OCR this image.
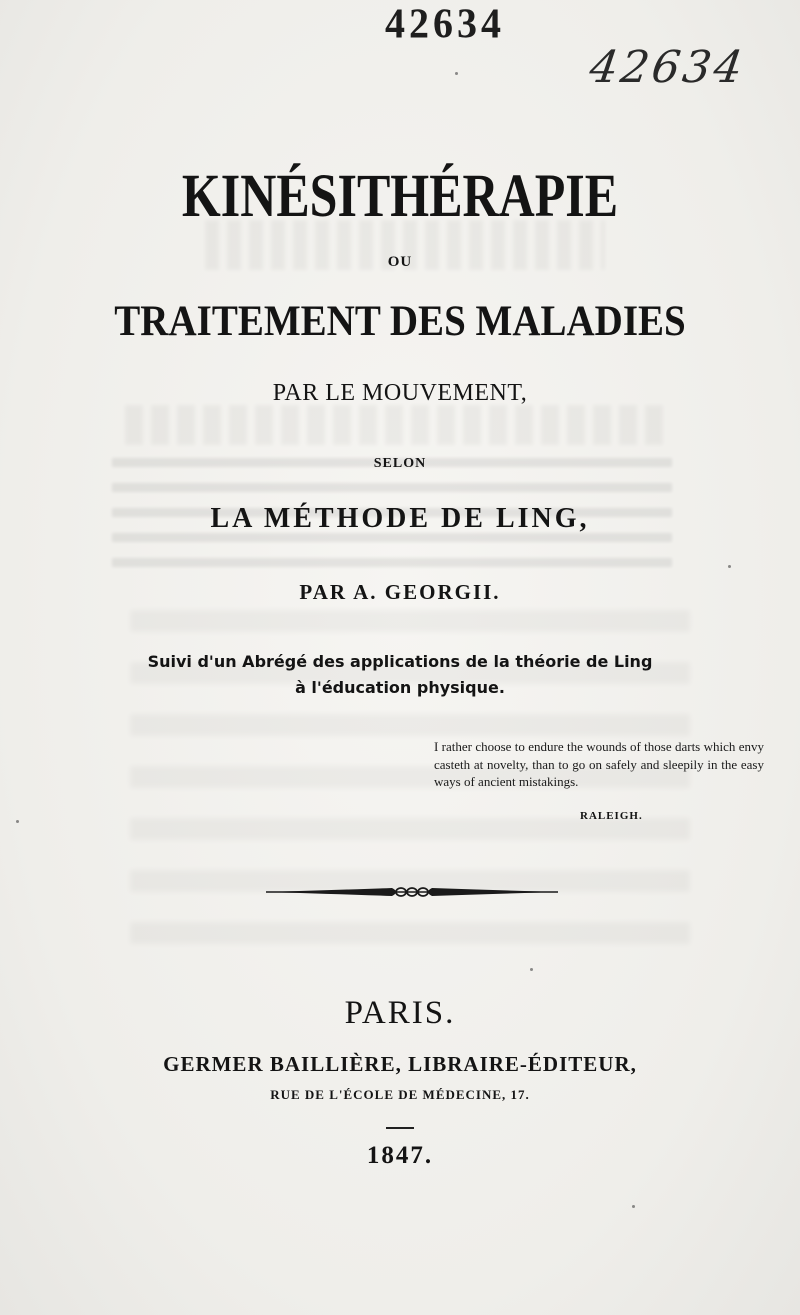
42634
42634
KINÉSITHÉRAPIE
OU
TRAITEMENT DES MALADIES
PAR LE MOUVEMENT,
SELON
LA MÉTHODE DE LING,
PAR A. GEORGII.
Suivi d'un Abrégé des applications de la théorie de Ling
à l'éducation physique.
I rather choose to endure the wounds of those darts which envy casteth at novelty, than to go on safely and sleepily in the easy ways of ancient mistakings.
RALEIGH.
PARIS.
GERMER BAILLIÈRE, LIBRAIRE-ÉDITEUR,
RUE DE L'ÉCOLE DE MÉDECINE, 17.
1847.
